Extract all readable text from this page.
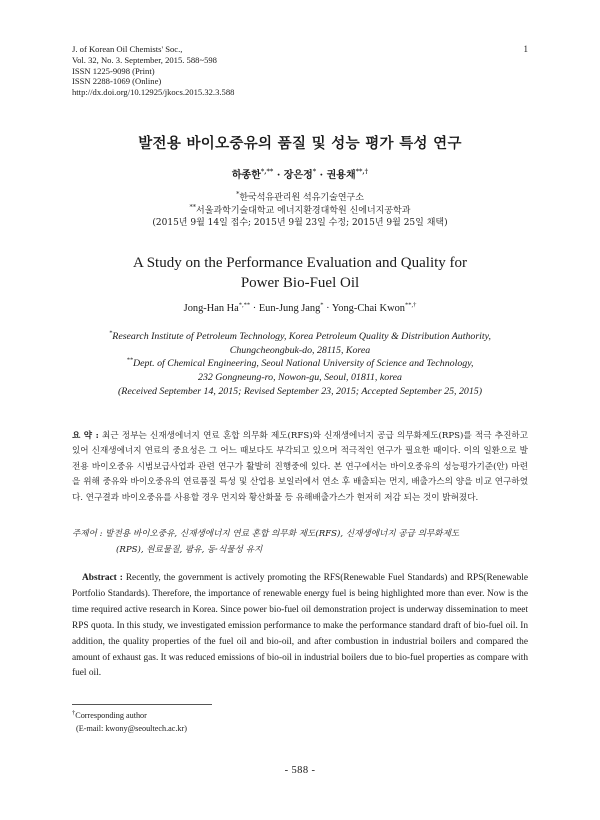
J. of Korean Oil Chemists' Soc.,
Vol. 32, No. 3. September, 2015. 588~598
ISSN 1225-9098 (Print)
ISSN 2288-1069 (Online)
http://dx.doi.org/10.12925/jkocs.2015.32.3.588
1
발전용 바이오중유의 품질 및 성능 평가 특성 연구
하종한*,** · 장은정* · 권용채**,†
*한국석유관리원 석유기술연구소
**서울과학기술대학교 에너지환경대학원 신에너지공학과
(2015년 9월 14일 접수; 2015년 9월 23일 수정; 2015년 9월 25일 채택)
A Study on the Performance Evaluation and Quality for
Power Bio-Fuel Oil
Jong-Han Ha*,** · Eun-Jung Jang* · Yong-Chai Kwon**,†
*Research Institute of Petroleum Technology, Korea Petroleum Quality & Distribution Authority,
Chungcheongbuk-do, 28115, Korea
**Dept. of Chemical Engineering, Seoul National University of Science and Technology,
232 Gongneung-ro, Nowon-gu, Seoul, 01811, korea
(Received September 14, 2015; Revised September 23, 2015; Accepted September 25, 2015)
요 약 : 최근 정부는 신재생에너지 연료 혼합 의무화 제도(RFS)와 신재생에너지 공급 의무화제도(RPS)를 적극 추진하고 있어 신재생에너지 연료의 중요성은 그 어느 때보다도 부각되고 있으며 적극적인 연구가 필요한 때이다. 이의 일환으로 발전용 바이오중유 시범보급사업과 관련 연구가 활발히 진행중에 있다. 본 연구에서는 바이오중유의 성능평가기준(안) 마련을 위해 중유와 바이오중유의 연료품질 특성 및 산업용 보일러에서 연소 후 배출되는 먼지, 배출가스의 양을 비교 연구하였다. 연구결과 바이오중유를 사용할 경우 먼지와 황산화물 등 유해배출가스가 현저히 저감 되는 것이 밝혀졌다.
주제어 : 발전용 바이오중유, 신재생에너지 연료 혼합 의무화 제도(RFS), 신재생에너지 공급 의무화제도
(RPS), 원료물질, 팜유, 동·식물성 유지
Abstract : Recently, the government is actively promoting the RFS(Renewable Fuel Standards) and RPS(Renewable Portfolio Standards). Therefore, the importance of renewable energy fuel is being highlighted more than ever. Now is the time required active research in Korea. Since power bio-fuel oil demonstration project is underway dissemination to meet RPS quota. In this study, we investigated emission performance to make the performance standard draft of bio-fuel oil. In addition, the quality properties of the fuel oil and bio-oil, and after combustion in industrial boilers and compared the amount of exhaust gas. It was reduced emissions of bio-oil in industrial boilers due to bio-fuel properties as compare with fuel oil.
†Corresponding author
(E-mail: kwony@seoultech.ac.kr)
- 588 -
